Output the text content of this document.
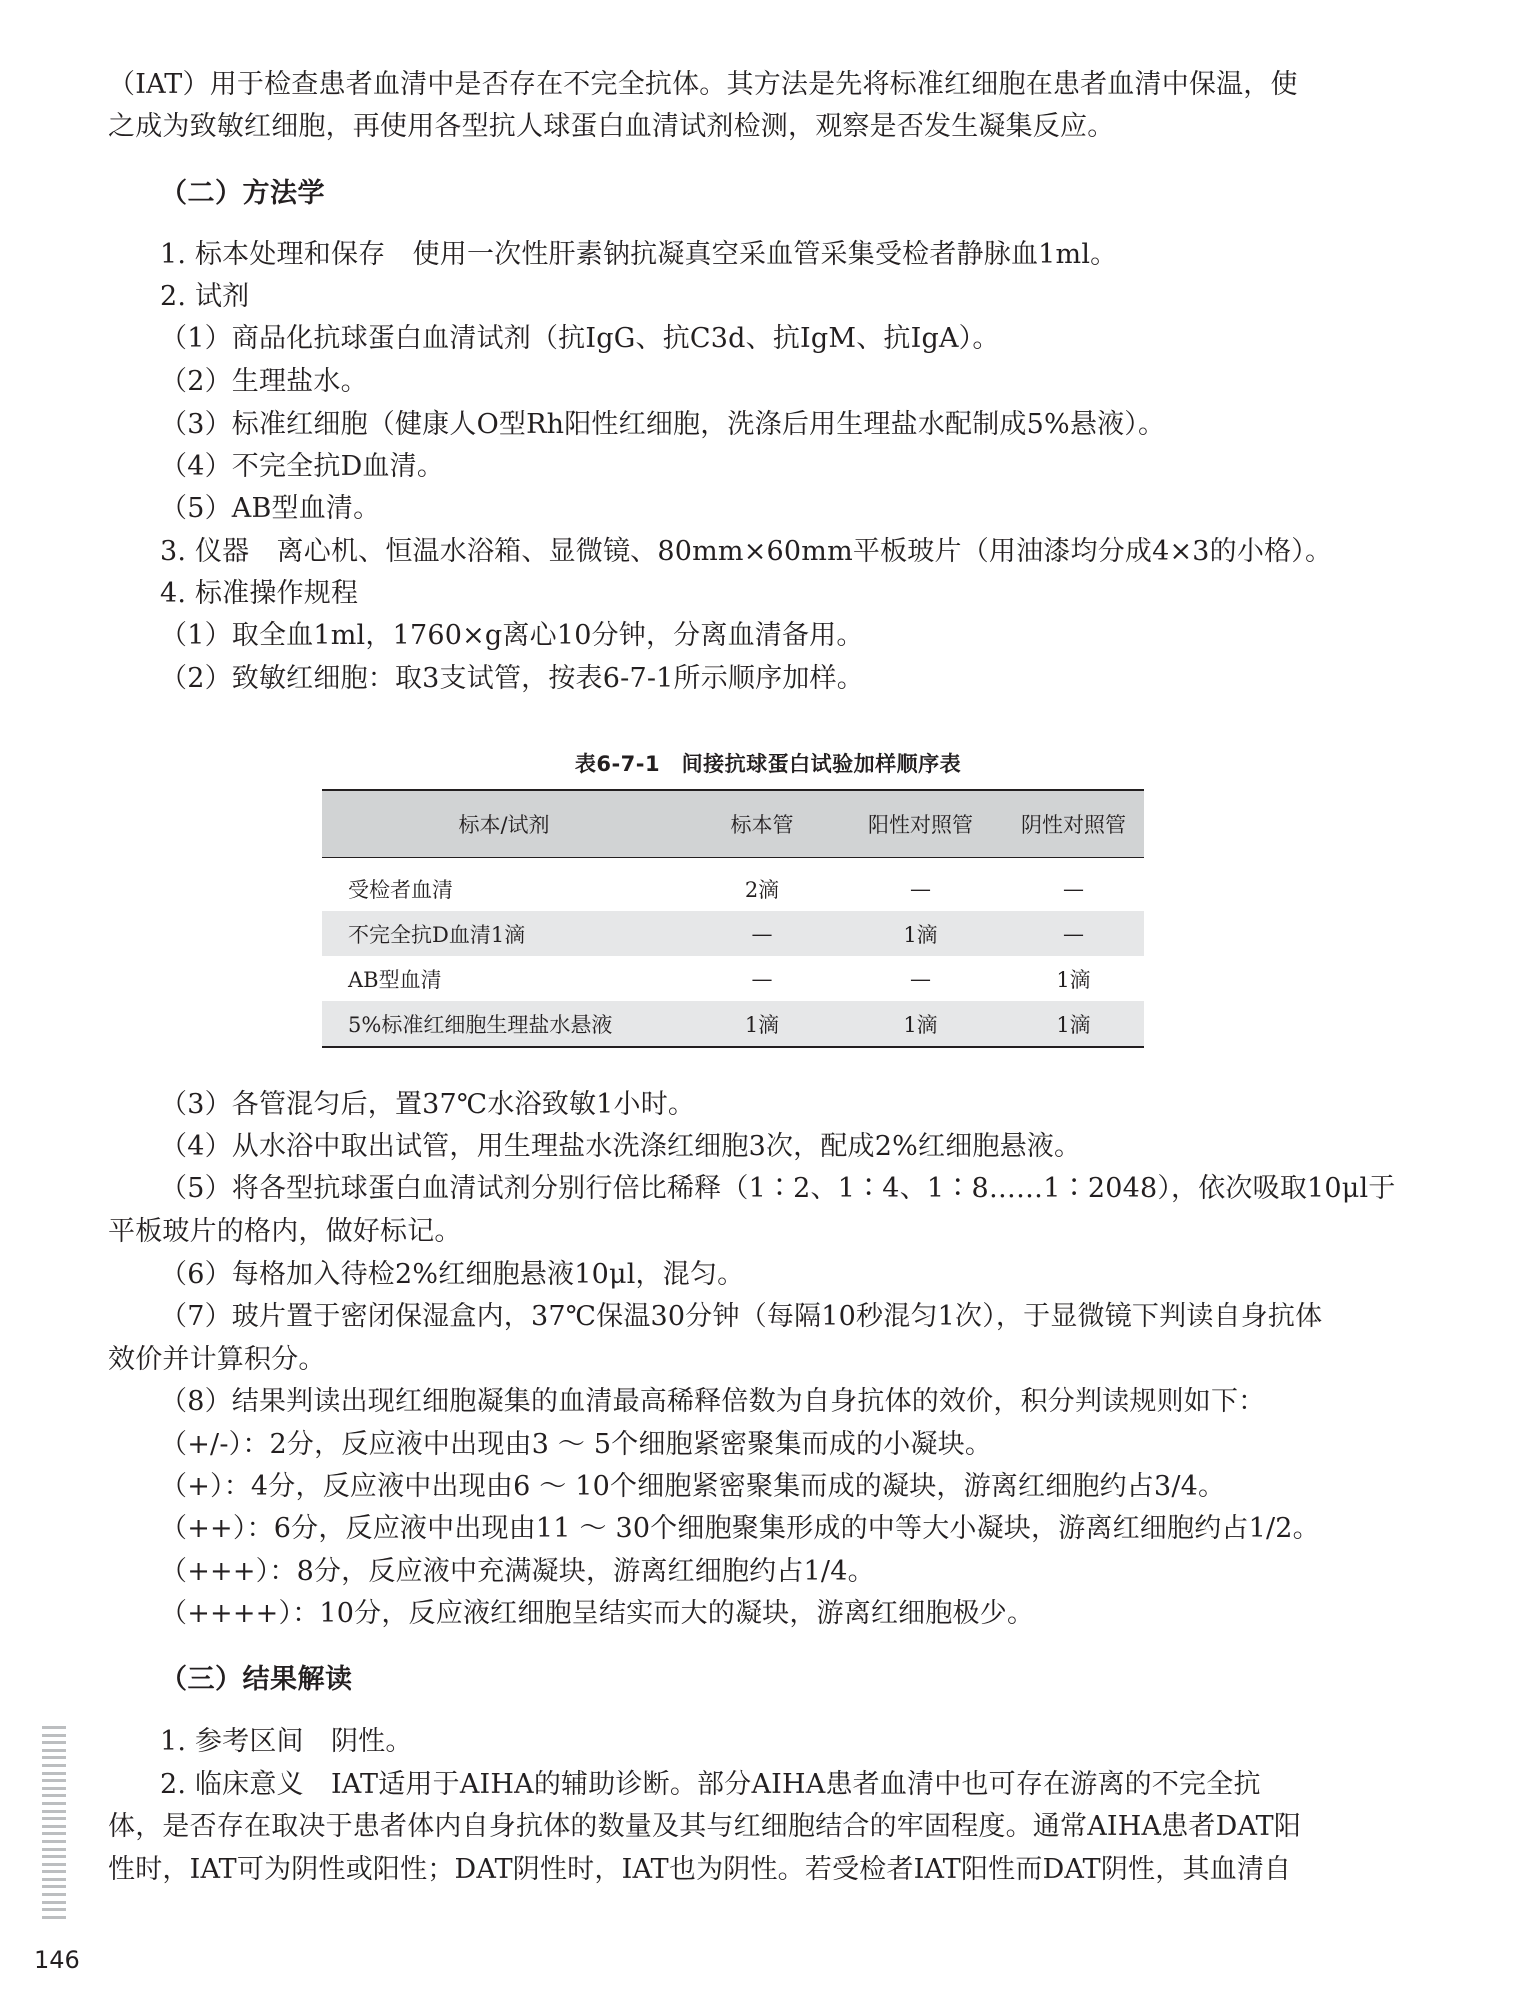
（IAT）用于检查患者血清中是否存在不完全抗体。其方法是先将标准红细胞在患者血清中保温，使
之成为致敏红细胞，再使用各型抗人球蛋白血清试剂检测，观察是否发生凝集反应。
（二）方法学
1. 标本处理和保存　使用一次性肝素钠抗凝真空采血管采集受检者静脉血1ml。
2. 试剂
（1）商品化抗球蛋白血清试剂（抗IgG、抗C3d、抗IgM、抗IgA）。
（2）生理盐水。
（3）标准红细胞（健康人O型Rh阳性红细胞，洗涤后用生理盐水配制成5%悬液）。
（4）不完全抗D血清。
（5）AB型血清。
3. 仪器　离心机、恒温水浴箱、显微镜、80mm×60mm平板玻片（用油漆均分成4×3的小格）。
4. 标准操作规程
（1）取全血1ml，1760×g离心10分钟，分离血清备用。
（2）致敏红细胞：取3支试管，按表6-7-1所示顺序加样。
表6-7-1　间接抗球蛋白试验加样顺序表
标本/试剂	标本管	阳性对照管	阴性对照管
受检者血清	2滴	—	—
不完全抗D血清1滴	—	1滴	—
AB型血清	—	—	1滴
5%标准红细胞生理盐水悬液	1滴	1滴	1滴
（3）各管混匀后，置37℃水浴致敏1小时。
（4）从水浴中取出试管，用生理盐水洗涤红细胞3次，配成2%红细胞悬液。
（5）将各型抗球蛋白血清试剂分别行倍比稀释（1∶2、1∶4、1∶8……1∶2048），依次吸取10μl于
平板玻片的格内，做好标记。
（6）每格加入待检2%红细胞悬液10μl，混匀。
（7）玻片置于密闭保湿盒内，37℃保温30分钟（每隔10秒混匀1次），于显微镜下判读自身抗体
效价并计算积分。
（8）结果判读出现红细胞凝集的血清最高稀释倍数为自身抗体的效价，积分判读规则如下：
（+/-）：2分，反应液中出现由3 ～ 5个细胞紧密聚集而成的小凝块。
（+）：4分，反应液中出现由6 ～ 10个细胞紧密聚集而成的凝块，游离红细胞约占3/4。
（++）：6分，反应液中出现由11 ～ 30个细胞聚集形成的中等大小凝块，游离红细胞约占1/2。
（+++）：8分，反应液中充满凝块，游离红细胞约占1/4。
（++++）：10分，反应液红细胞呈结实而大的凝块，游离红细胞极少。
（三）结果解读
1. 参考区间　阴性。
2. 临床意义　IAT适用于AIHA的辅助诊断。部分AIHA患者血清中也可存在游离的不完全抗
体，是否存在取决于患者体内自身抗体的数量及其与红细胞结合的牢固程度。通常AIHA患者DAT阳
性时，IAT可为阴性或阳性；DAT阴性时，IAT也为阴性。若受检者IAT阳性而DAT阴性，其血清自
146
